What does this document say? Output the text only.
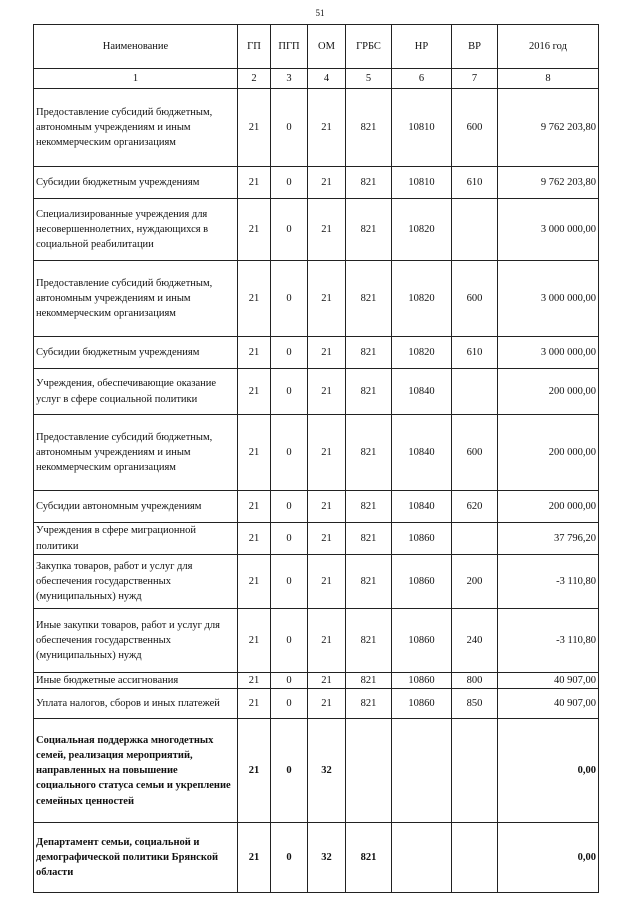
51
Наименование	ГП	ПГП	ОМ	ГРБС	НР	ВР	2016 год
1	2	3	4	5	6	7	8
Предоставление субсидий бюджетным, автономным учреждениям и иным некоммерческим организациям	21	0	21	821	10810	600	9 762 203,80
Субсидии бюджетным учреждениям	21	0	21	821	10810	610	9 762 203,80
Специализированные учреждения для несовершеннолетних, нуждающихся в социальной реабилитации	21	0	21	821	10820		3 000 000,00
Предоставление субсидий бюджетным, автономным учреждениям и иным некоммерческим организациям	21	0	21	821	10820	600	3 000 000,00
Субсидии бюджетным учреждениям	21	0	21	821	10820	610	3 000 000,00
Учреждения, обеспечивающие оказание услуг в сфере социальной политики	21	0	21	821	10840		200 000,00
Предоставление субсидий бюджетным, автономным учреждениям и иным некоммерческим организациям	21	0	21	821	10840	600	200 000,00
Субсидии автономным учреждениям	21	0	21	821	10840	620	200 000,00
Учреждения в сфере миграционной политики	21	0	21	821	10860		37 796,20
Закупка товаров, работ и услуг для обеспечения государственных (муниципальных) нужд	21	0	21	821	10860	200	-3 110,80
Иные закупки товаров, работ и услуг для обеспечения государственных (муниципальных) нужд	21	0	21	821	10860	240	-3 110,80
Иные бюджетные ассигнования	21	0	21	821	10860	800	40 907,00
Уплата налогов, сборов и иных платежей	21	0	21	821	10860	850	40 907,00
Социальная поддержка многодетных семей, реализация мероприятий, направленных на повышение социального статуса семьи и укрепление семейных ценностей	21	0	32				0,00
Департамент семьи, социальной и демографической политики Брянской области	21	0	32	821			0,00
